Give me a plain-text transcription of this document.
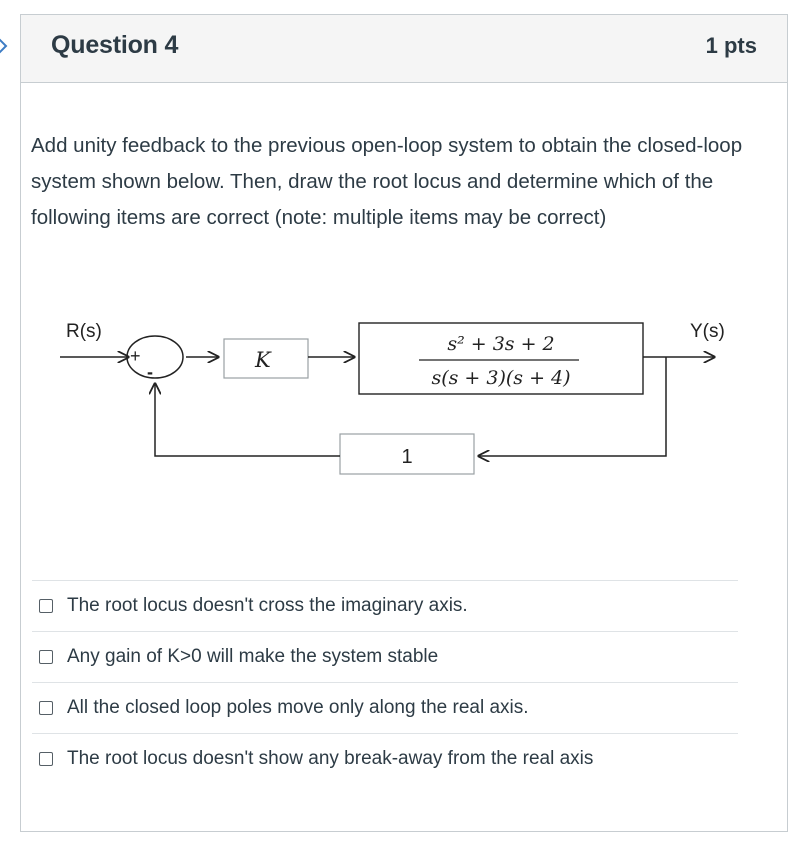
Question 4	1 pts
Add unity feedback to the previous open-loop system to obtain the closed-loop system shown below. Then, draw the root locus and determine which of the following items are correct (note: multiple items may be correct)
R(s)	Y(s)
+
-	K
s² + 3s + 2
s(s + 3)(s + 4)
1
The root locus doesn't cross the imaginary axis.
Any gain of K>0 will make the system stable
All the closed loop poles move only along the real axis.
The root locus doesn't show any break-away from the real axis
